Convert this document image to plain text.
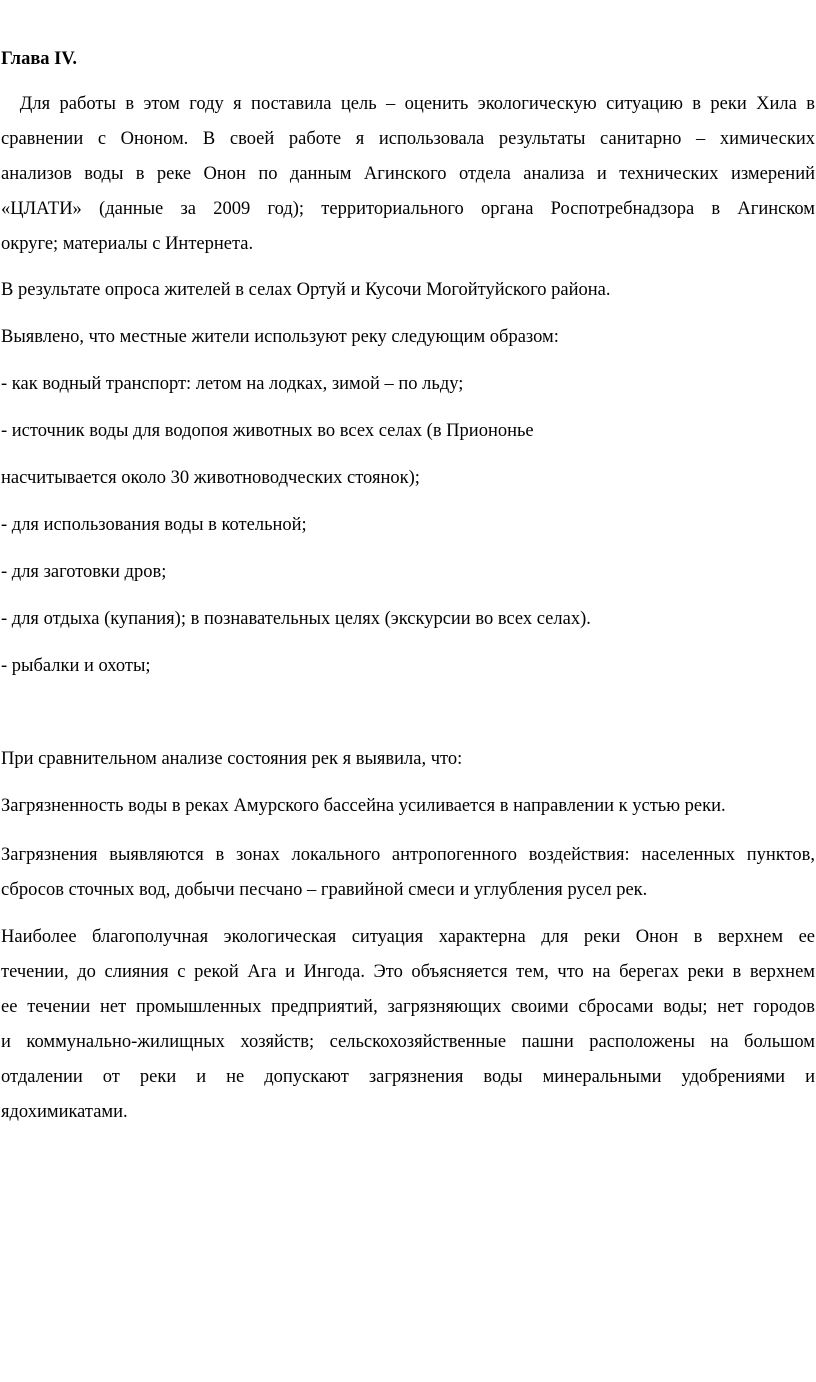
Глава IV.
Для работы в этом году я поставила цель – оценить экологическую ситуацию в реки Хила в
сравнении с Ононом. В своей работе я использовала результаты санитарно – химических
анализов воды в реке Онон по данным Агинского отдела анализа и технических измерений
«ЦЛАТИ» (данные за 2009 год); территориального органа Роспотребнадзора в Агинском
округе; материалы с Интернета.
В результате опроса жителей в селах Ортуй и Кусочи Могойтуйского района.
Выявлено, что местные жители используют реку следующим образом:
- как водный транспорт: летом на лодках, зимой – по льду;
- источник воды для водопоя животных во всех селах (в Приононье
насчитывается около 30 животноводческих стоянок);
- для использования воды в котельной;
- для заготовки дров;
- для отдыха (купания); в познавательных целях (экскурсии во всех селах).
- рыбалки и охоты;
При сравнительном анализе состояния рек я выявила, что:
Загрязненность воды в реках Амурского бассейна усиливается в направлении к устью реки.
Загрязнения выявляются в зонах локального антропогенного воздействия: населенных пунктов,
сбросов сточных вод, добычи песчано – гравийной смеси и углубления русел рек.
Наиболее благополучная экологическая ситуация характерна для реки Онон в верхнем ее
течении, до слияния с рекой Ага и Ингода. Это объясняется тем, что на берегах реки в верхнем
ее течении нет промышленных предприятий, загрязняющих своими сбросами воды; нет городов
и коммунально-жилищных хозяйств; сельскохозяйственные пашни расположены на большом
отдалении от реки и не допускают загрязнения воды минеральными удобрениями и
ядохимикатами.
